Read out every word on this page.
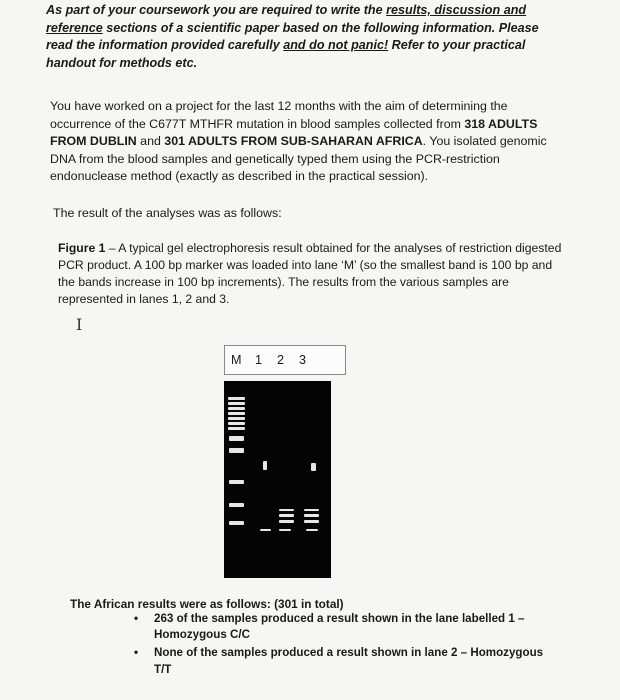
As part of your coursework you are required to write the results, discussion and reference sections of a scientific paper based on the following information. Please read the information provided carefully and do not panic! Refer to your practical handout for methods etc.
You have worked on a project for the last 12 months with the aim of determining the occurrence of the C677T MTHFR mutation in blood samples collected from 318 ADULTS FROM DUBLIN and 301 ADULTS FROM SUB-SAHARAN AFRICA. You isolated genomic DNA from the blood samples and genetically typed them using the PCR-restriction endonuclease method (exactly as described in the practical session).
The result of the analyses was as follows:
Figure 1 – A typical gel electrophoresis result obtained for the analyses of restriction digested PCR product. A 100 bp marker was loaded into lane ‘M’ (so the smallest band is 100 bp and the bands increase in 100 bp increments). The results from the various samples are represented in lanes 1, 2 and 3.
I
M	1	2	3
The African results were as follows: (301 in total)
• 263 of the samples produced a result shown in the lane labelled 1 – Homozygous C/C
• None of the samples produced a result shown in lane 2 – Homozygous T/T
